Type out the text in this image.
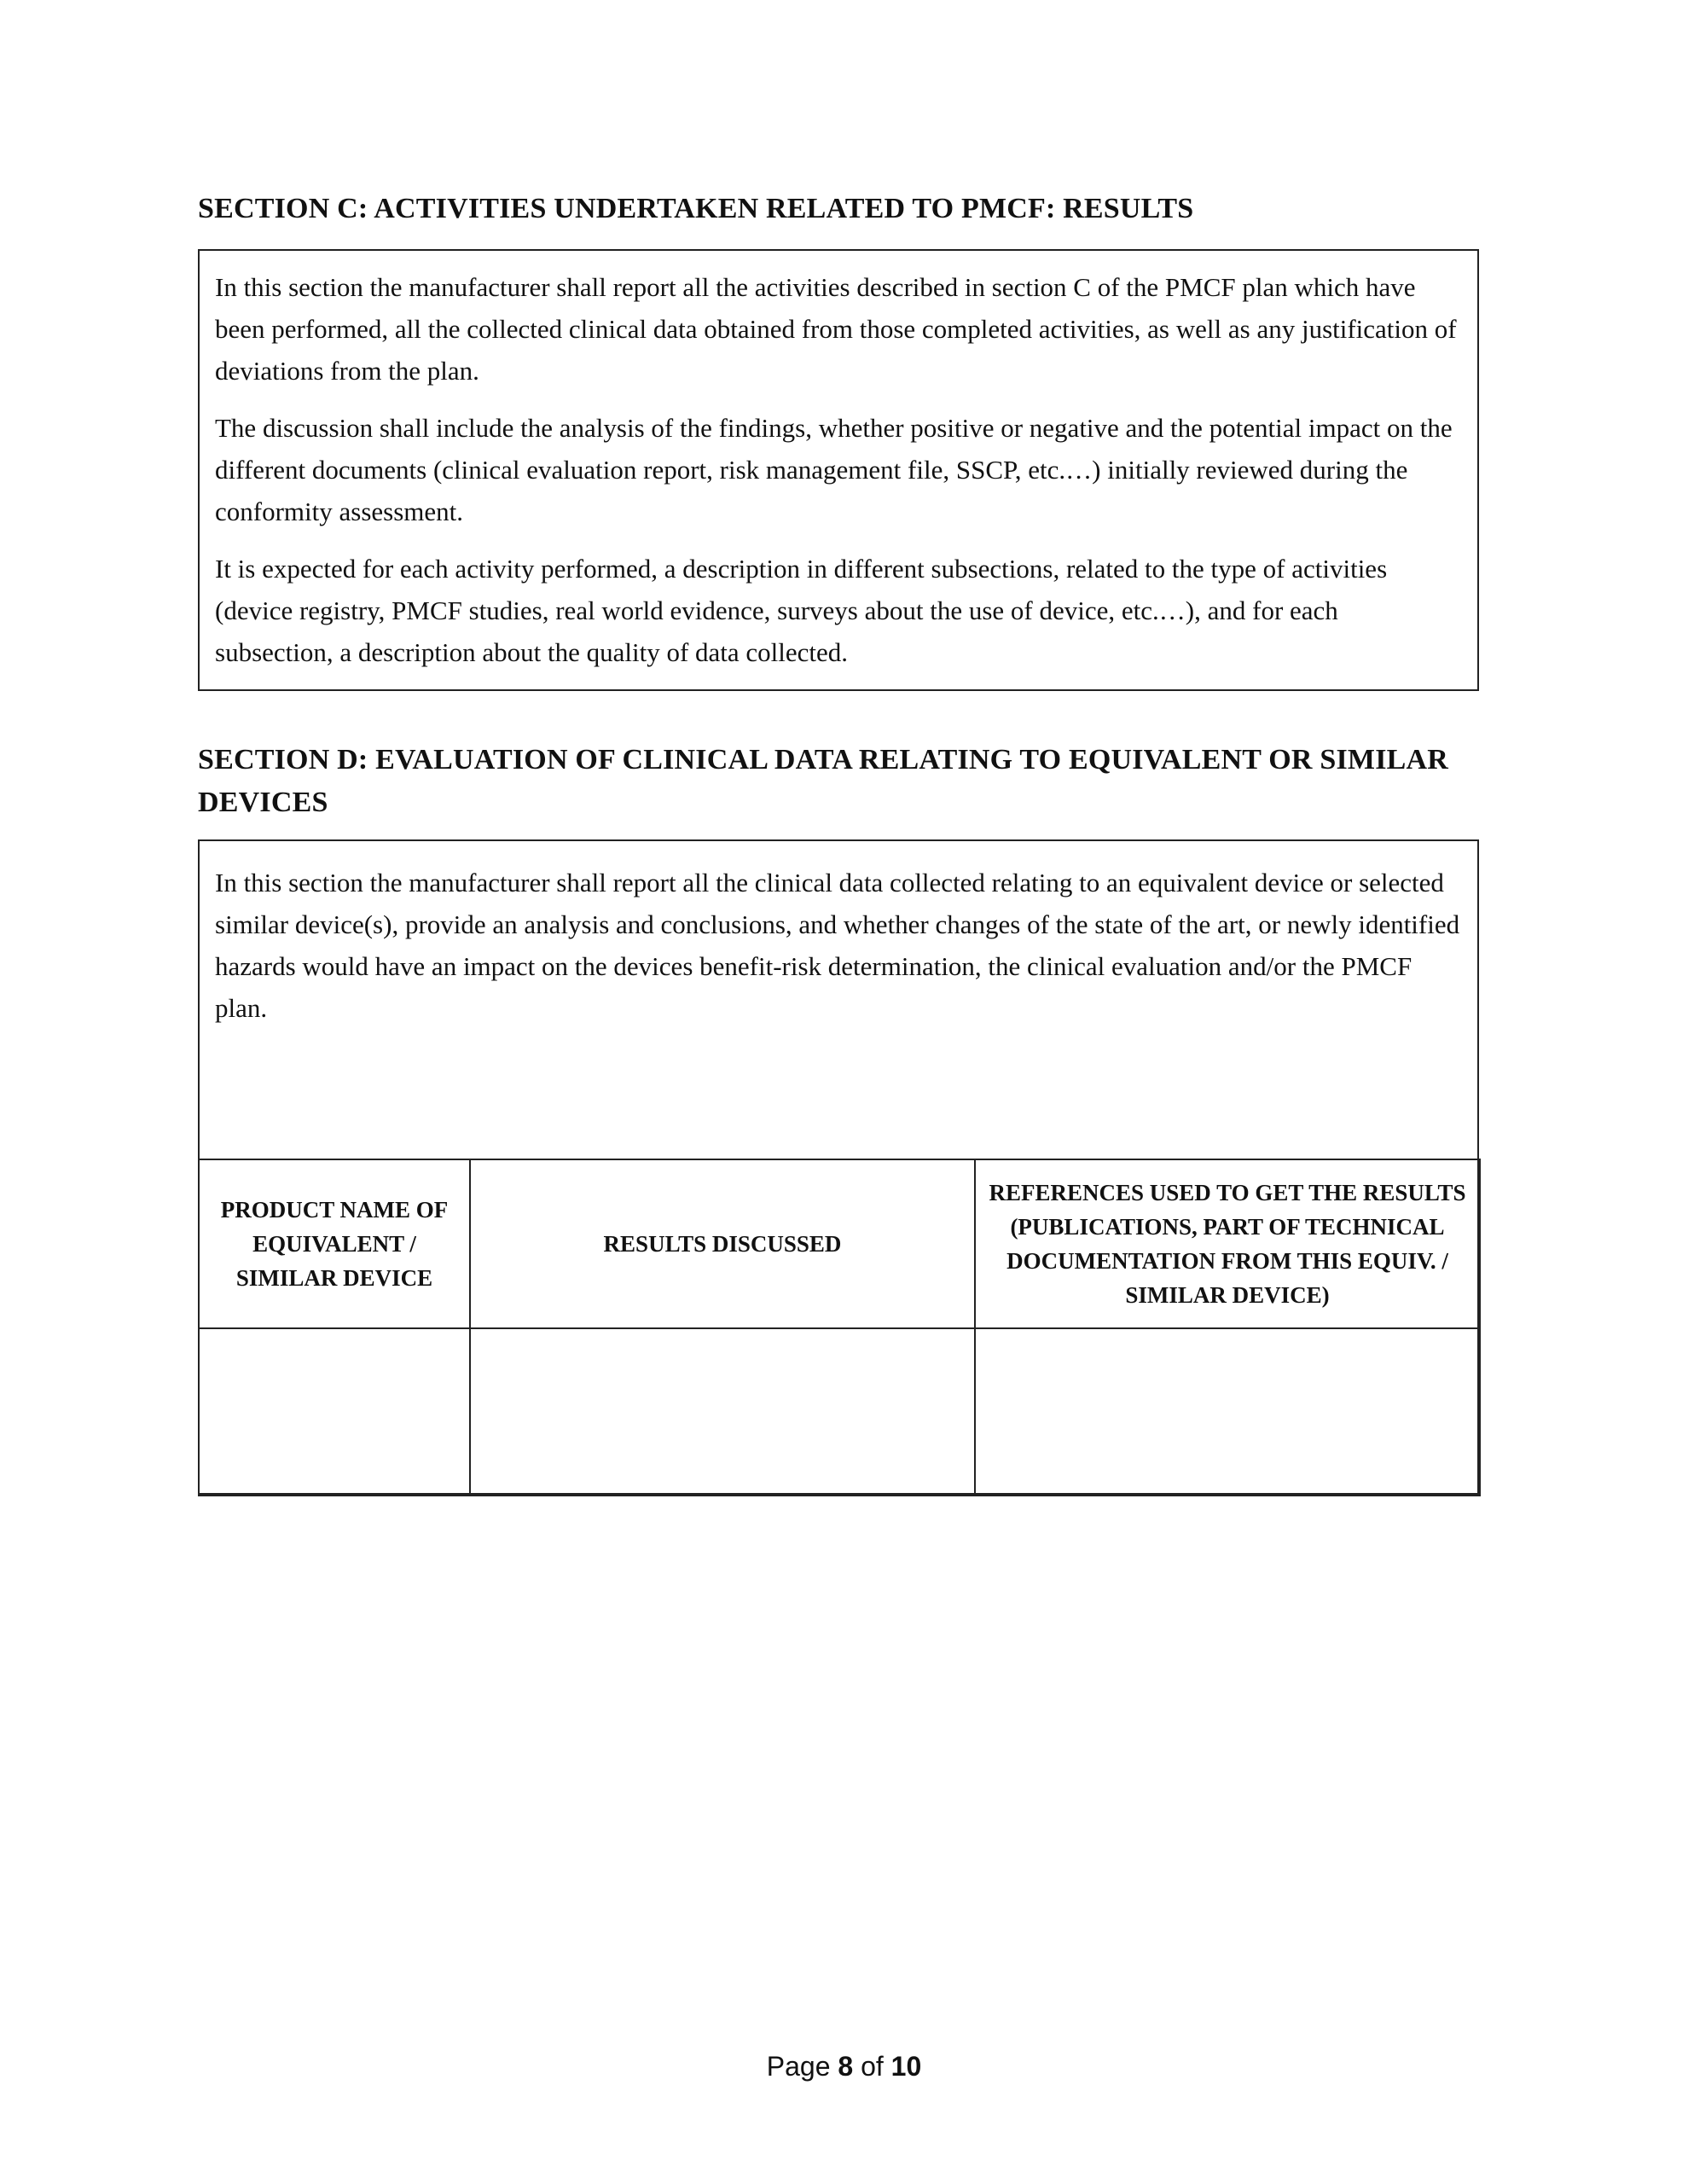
SECTION C: ACTIVITIES UNDERTAKEN RELATED TO PMCF: RESULTS

In this section the manufacturer shall report all the activities described in section C of the PMCF plan which have been performed, all the collected clinical data obtained from those completed activities, as well as any justification of deviations from the plan.

The discussion shall include the analysis of the findings, whether positive or negative and the potential impact on the different documents (clinical evaluation report, risk management file, SSCP, etc.…) initially reviewed during the conformity assessment.

It is expected for each activity performed, a description in different subsections, related to the type of activities (device registry, PMCF studies, real world evidence, surveys about the use of device, etc.…), and for each subsection, a description about the quality of data collected.

SECTION D: EVALUATION OF CLINICAL DATA RELATING TO EQUIVALENT OR SIMILAR DEVICES

In this section the manufacturer shall report all the clinical data collected relating to an equivalent device or selected similar device(s), provide an analysis and conclusions, and whether changes of the state of the art, or newly identified hazards would have an impact on the devices benefit-risk determination, the clinical evaluation and/or the PMCF plan.

PRODUCT NAME OF EQUIVALENT / SIMILAR DEVICE	RESULTS DISCUSSED	REFERENCES USED TO GET THE RESULTS (PUBLICATIONS, PART OF TECHNICAL DOCUMENTATION FROM THIS EQUIV. / SIMILAR DEVICE)

Page 8 of 10
